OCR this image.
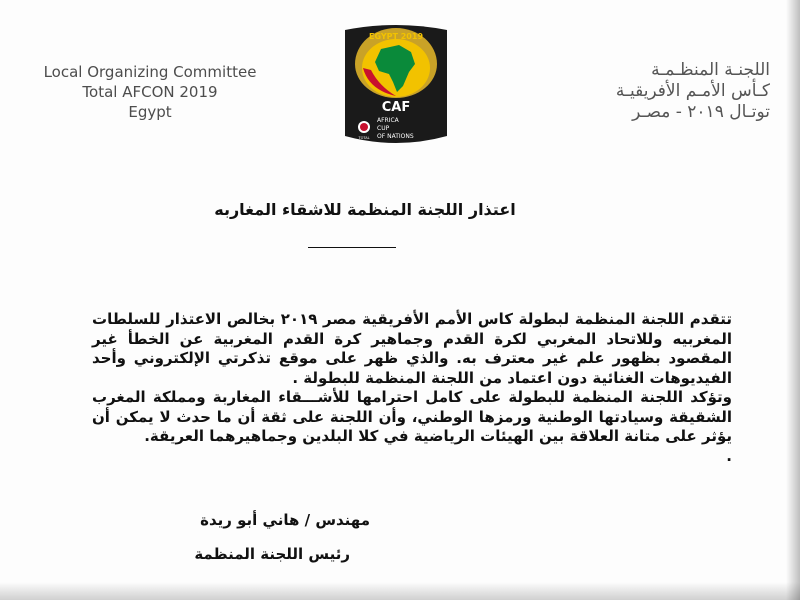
Local Organizing Committee
Total AFCON 2019
Egypt
EGYPT 2019
CAF
TOTAL
AFRICA
CUP
OF NATIONS
اللجنـة المنظـمـة
كـأس الأمـم الأفريقيـة
توتـال ٢٠١٩ - مصـر
اعتذار اللجنة المنظمة للاشقاء المغاربه

تتقدم اللجنة المنظمة لبطولة كاس الأمم الأفريقية مصر ٢٠١٩ بخالص الاعتذار للسلطات المغربيه وللاتحاد المغربي لكرة القدم وجماهير كرة القدم المغربية عن الخطأ غير المقصود بظهور علم غير معترف به. والذي ظهر على موقع تذكرتي الإلكتروني وأحد الفيديوهات الغنائية دون اعتماد من اللجنة المنظمة للبطولة .

وتؤكد اللجنة المنظمة للبطولة على كامل احترامها للأشـــقاء المغاربة ومملكة المغرب الشقيقة وسيادتها الوطنية ورمزها الوطني، وأن اللجنة على ثقة أن ما حدث لا يمكن أن يؤثر على متانة العلاقة بين الهيئات الرياضية في كلا البلدين وجماهيرهما العريقة.

.

مهندس / هاني أبو ريدة
رئيس اللجنة المنظمة
